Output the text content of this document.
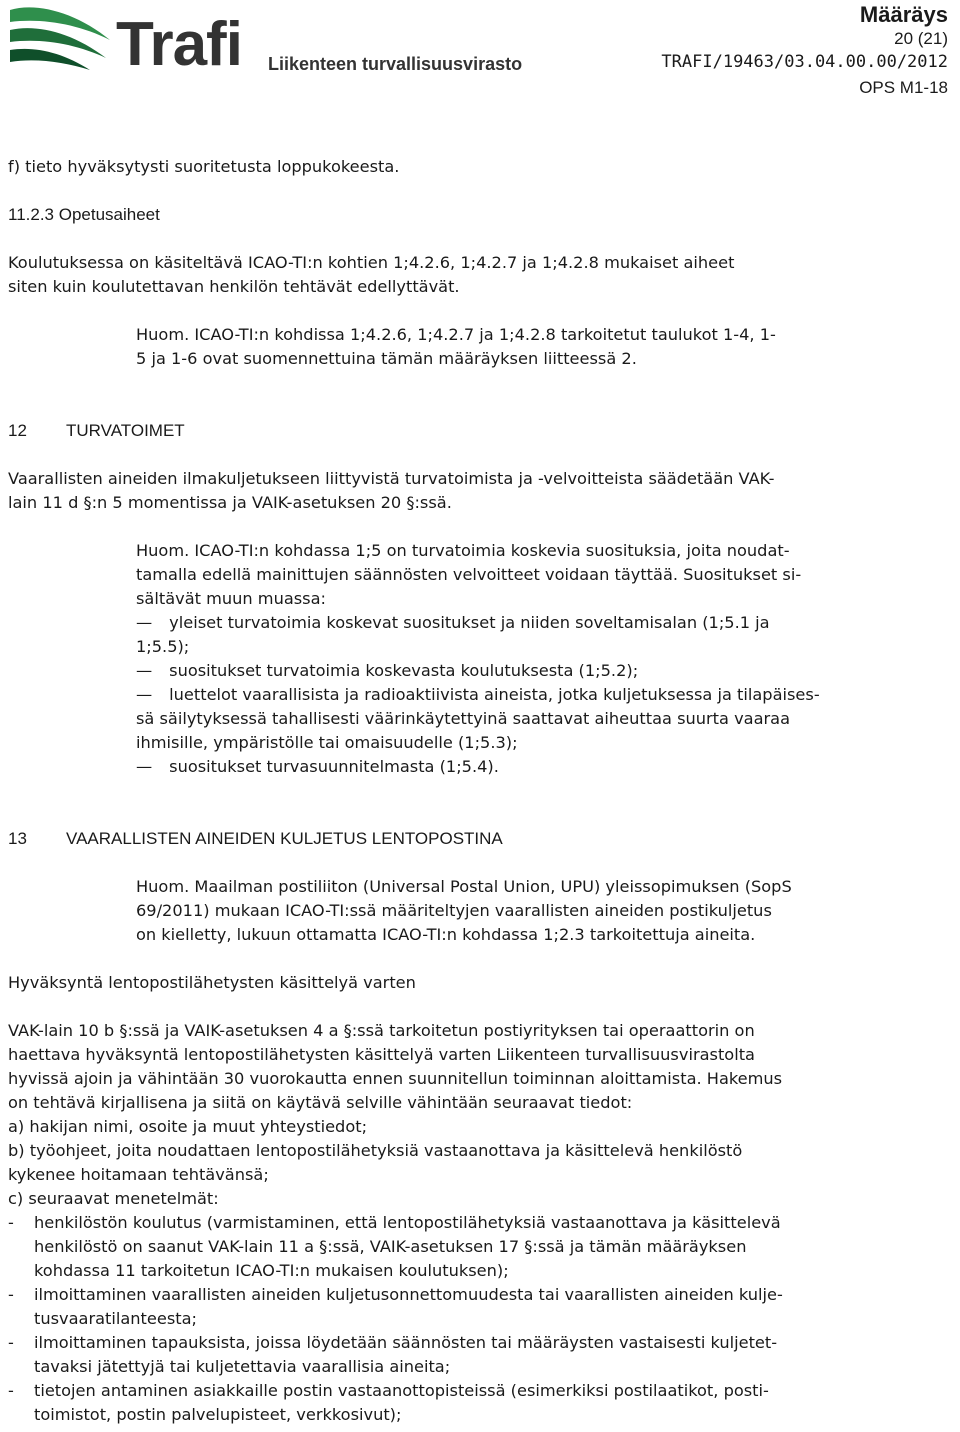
Trafi Liikenteen turvallisuusvirasto
Määräys
20 (21)
TRAFI/19463/03.04.00.00/2012
OPS M1-18
f) tieto hyväksytysti suoritetusta loppukokeesta.
11.2.3 Opetusaiheet
Koulutuksessa on käsiteltävä ICAO-TI:n kohtien 1;4.2.6, 1;4.2.7 ja 1;4.2.8 mukaiset aiheet
siten kuin koulutettavan henkilön tehtävät edellyttävät.
Huom. ICAO-TI:n kohdissa 1;4.2.6, 1;4.2.7 ja 1;4.2.8 tarkoitetut taulukot 1-4, 1-
5 ja 1-6 ovat suomennettuina tämän määräyksen liitteessä 2.
12 TURVATOIMET
Vaarallisten aineiden ilmakuljetukseen liittyvistä turvatoimista ja -velvoitteista säädetään VAK-
lain 11 d §:n 5 momentissa ja VAIK-asetuksen 20 §:ssä.
Huom. ICAO-TI:n kohdassa 1;5 on turvatoimia koskevia suosituksia, joita noudat-
tamalla edellä mainittujen säännösten velvoitteet voidaan täyttää. Suositukset si-
sältävät muun muassa:
— yleiset turvatoimia koskevat suositukset ja niiden soveltamisalan (1;5.1 ja
1;5.5);
— suositukset turvatoimia koskevasta koulutuksesta (1;5.2);
— luettelot vaarallisista ja radioaktiivista aineista, jotka kuljetuksessa ja tilapäises-
sä säilytyksessä tahallisesti väärinkäytettyinä saattavat aiheuttaa suurta vaaraa
ihmisille, ympäristölle tai omaisuudelle (1;5.3);
— suositukset turvasuunnitelmasta (1;5.4).
13 VAARALLISTEN AINEIDEN KULJETUS LENTOPOSTINA
Huom. Maailman postiliiton (Universal Postal Union, UPU) yleissopimuksen (SopS
69/2011) mukaan ICAO-TI:ssä määriteltyjen vaarallisten aineiden postikuljetus
on kielletty, lukuun ottamatta ICAO-TI:n kohdassa 1;2.3 tarkoitettuja aineita.
Hyväksyntä lentopostilähetysten käsittelyä varten
VAK-lain 10 b §:ssä ja VAIK-asetuksen 4 a §:ssä tarkoitetun postiyrityksen tai operaattorin on
haettava hyväksyntä lentopostilähetysten käsittelyä varten Liikenteen turvallisuusvirastolta
hyvissä ajoin ja vähintään 30 vuorokautta ennen suunnitellun toiminnan aloittamista. Hakemus
on tehtävä kirjallisena ja siitä on käytävä selville vähintään seuraavat tiedot:
a) hakijan nimi, osoite ja muut yhteystiedot;
b) työohjeet, joita noudattaen lentopostilähetyksiä vastaanottava ja käsittelevä henkilöstö
kykenee hoitamaan tehtävänsä;
c) seuraavat menetelmät:
- henkilöstön koulutus (varmistaminen, että lentopostilähetyksiä vastaanottava ja käsittelevä
henkilöstö on saanut VAK-lain 11 a §:ssä, VAIK-asetuksen 17 §:ssä ja tämän määräyksen
kohdassa 11 tarkoitetun ICAO-TI:n mukaisen koulutuksen);
- ilmoittaminen vaarallisten aineiden kuljetusonnettomuudesta tai vaarallisten aineiden kulje-
tusvaaratilanteesta;
- ilmoittaminen tapauksista, joissa löydetään säännösten tai määräysten vastaisesti kuljetet-
tavaksi jätettyjä tai kuljetettavia vaarallisia aineita;
- tietojen antaminen asiakkaille postin vastaanottopisteissä (esimerkiksi postilaatikot, posti-
toimistot, postin palvelupisteet, verkkosivut);
